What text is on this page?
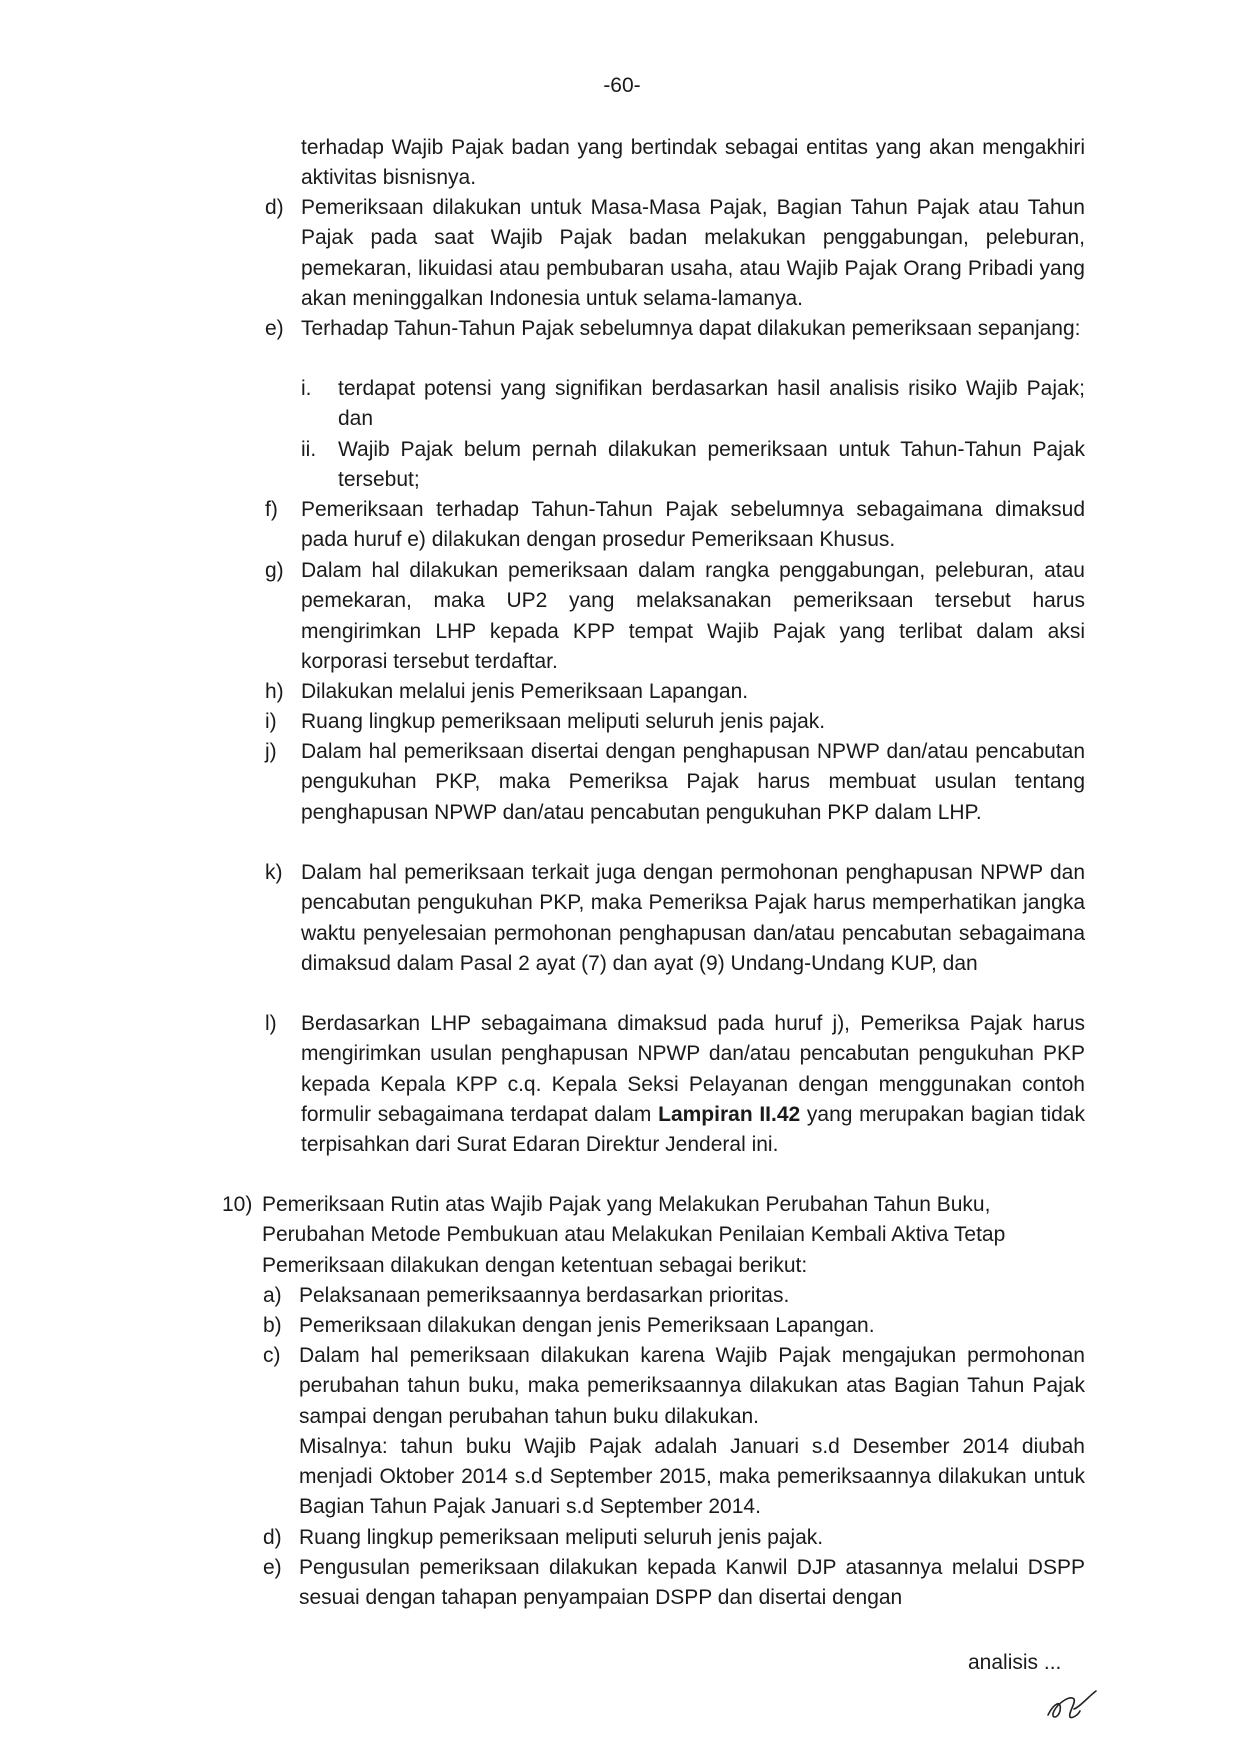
-60-
terhadap Wajib Pajak badan yang bertindak sebagai entitas yang akan mengakhiri aktivitas bisnisnya.
d) Pemeriksaan dilakukan untuk Masa-Masa Pajak, Bagian Tahun Pajak atau Tahun Pajak pada saat Wajib Pajak badan melakukan penggabungan, peleburan, pemekaran, likuidasi atau pembubaran usaha, atau Wajib Pajak Orang Pribadi yang akan meninggalkan Indonesia untuk selama-lamanya.
e) Terhadap Tahun-Tahun Pajak sebelumnya dapat dilakukan pemeriksaan sepanjang:
i. terdapat potensi yang signifikan berdasarkan hasil analisis risiko Wajib Pajak; dan
ii. Wajib Pajak belum pernah dilakukan pemeriksaan untuk Tahun-Tahun Pajak tersebut;
f) Pemeriksaan terhadap Tahun-Tahun Pajak sebelumnya sebagaimana dimaksud pada huruf e) dilakukan dengan prosedur Pemeriksaan Khusus.
g) Dalam hal dilakukan pemeriksaan dalam rangka penggabungan, peleburan, atau pemekaran, maka UP2 yang melaksanakan pemeriksaan tersebut harus mengirimkan LHP kepada KPP tempat Wajib Pajak yang terlibat dalam aksi korporasi tersebut terdaftar.
h) Dilakukan melalui jenis Pemeriksaan Lapangan.
i) Ruang lingkup pemeriksaan meliputi seluruh jenis pajak.
j) Dalam hal pemeriksaan disertai dengan penghapusan NPWP dan/atau pencabutan pengukuhan PKP, maka Pemeriksa Pajak harus membuat usulan tentang penghapusan NPWP dan/atau pencabutan pengukuhan PKP dalam LHP.
k) Dalam hal pemeriksaan terkait juga dengan permohonan penghapusan NPWP dan pencabutan pengukuhan PKP, maka Pemeriksa Pajak harus memperhatikan jangka waktu penyelesaian permohonan penghapusan dan/atau pencabutan sebagaimana dimaksud dalam Pasal 2 ayat (7) dan ayat (9) Undang-Undang KUP, dan
l) Berdasarkan LHP sebagaimana dimaksud pada huruf j), Pemeriksa Pajak harus mengirimkan usulan penghapusan NPWP dan/atau pencabutan pengukuhan PKP kepada Kepala KPP c.q. Kepala Seksi Pelayanan dengan menggunakan contoh formulir sebagaimana terdapat dalam Lampiran II.42 yang merupakan bagian tidak terpisahkan dari Surat Edaran Direktur Jenderal ini.
10) Pemeriksaan Rutin atas Wajib Pajak yang Melakukan Perubahan Tahun Buku, Perubahan Metode Pembukuan atau Melakukan Penilaian Kembali Aktiva Tetap
Pemeriksaan dilakukan dengan ketentuan sebagai berikut:
a) Pelaksanaan pemeriksaannya berdasarkan prioritas.
b) Pemeriksaan dilakukan dengan jenis Pemeriksaan Lapangan.
c) Dalam hal pemeriksaan dilakukan karena Wajib Pajak mengajukan permohonan perubahan tahun buku, maka pemeriksaannya dilakukan atas Bagian Tahun Pajak sampai dengan perubahan tahun buku dilakukan.
Misalnya: tahun buku Wajib Pajak adalah Januari s.d Desember 2014 diubah menjadi Oktober 2014 s.d September 2015, maka pemeriksaannya dilakukan untuk Bagian Tahun Pajak Januari s.d September 2014.
d) Ruang lingkup pemeriksaan meliputi seluruh jenis pajak.
e) Pengusulan pemeriksaan dilakukan kepada Kanwil DJP atasannya melalui DSPP sesuai dengan tahapan penyampaian DSPP dan disertai dengan
analisis ...
